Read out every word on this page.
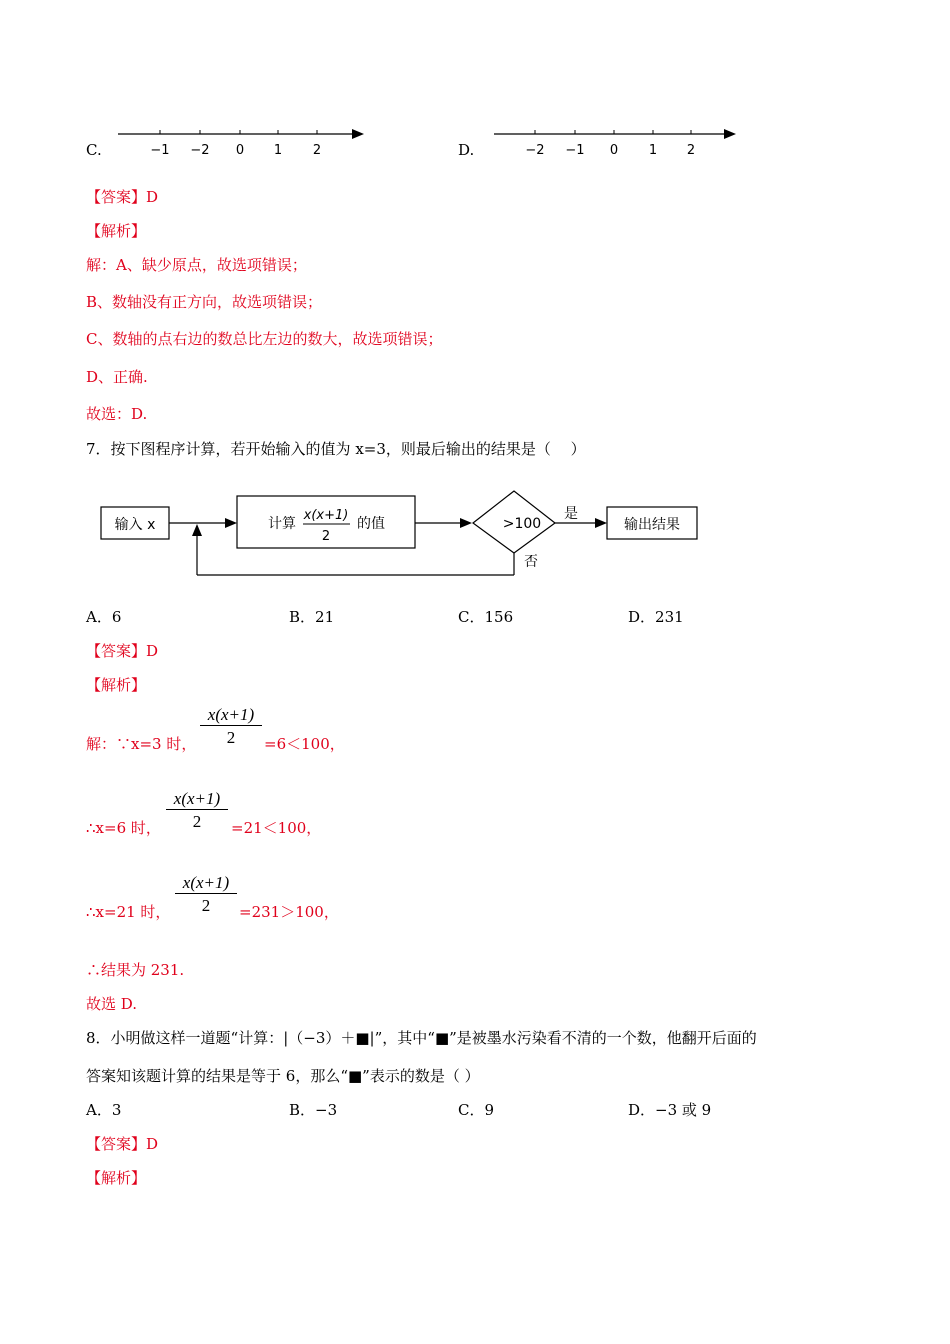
C.	−1 −2 0 1 2	D.	−2 −1 0 1 2
【答案】D
【解析】
解：A、缺少原点，故选项错误；
B、数轴没有正方向，故选项错误；
C、数轴的点右边的数总比左边的数大，故选项错误；
D、正确.
故选：D.
7．按下图程序计算，若开始输入的值为 x=3，则最后输出的结果是（　 ）
输入 x	计算
x(x+1)
2
的值	>100
是
输出结果
否
A．6	B．21	C．156	D．231
【答案】D
【解析】
解：∵x=3 时， $\frac{x(x+1)}{2} =6<100$，
∴x=6 时， $\frac{x(x+1)}{2} =21<100$，
∴x=21 时， $\frac{x(x+1)}{2} =231>100$，
∴结果为 231.
故选 D.
8．小明做这样一道题“计算：|（−3）＋■|”，其中“■”是被墨水污染看不清的一个数，他翻开后面的
答案知该题计算的结果是等于 6，那么“■”表示的数是（ ）
A．3	B．−3	C．9	D．−3 或 9
【答案】D
【解析】
